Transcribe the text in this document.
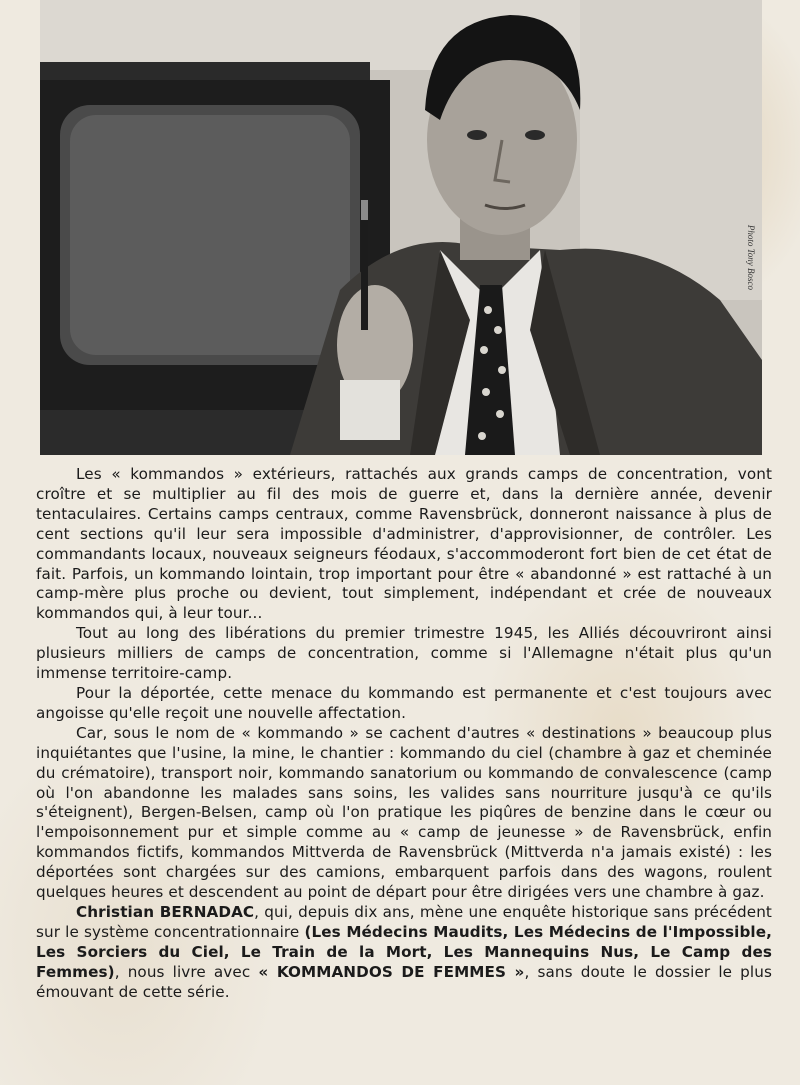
Photo Tony Bosco

Les « kommandos » extérieurs, rattachés aux grands camps de concentration, vont croître et se multiplier au fil des mois de guerre et, dans la dernière année, devenir tentaculaires. Certains camps centraux, comme Ravensbrück, donneront naissance à plus de cent sections qu'il leur sera impossible d'administrer, d'approvisionner, de contrôler. Les commandants locaux, nouveaux seigneurs féodaux, s'accommoderont fort bien de cet état de fait. Parfois, un kommando lointain, trop important pour être « abandonné » est rattaché à un camp-mère plus proche ou devient, tout simplement, indépendant et crée de nouveaux kommandos qui, à leur tour...

Tout au long des libérations du premier trimestre 1945, les Alliés découvriront ainsi plusieurs milliers de camps de concentration, comme si l'Allemagne n'était plus qu'un immense territoire-camp.

Pour la déportée, cette menace du kommando est permanente et c'est toujours avec angoisse qu'elle reçoit une nouvelle affectation.

Car, sous le nom de « kommando » se cachent d'autres « destinations » beaucoup plus inquiétantes que l'usine, la mine, le chantier : kommando du ciel (chambre à gaz et cheminée du crématoire), transport noir, kommando sanatorium ou kommando de convalescence (camp où l'on abandonne les malades sans soins, les valides sans nourriture jusqu'à ce qu'ils s'éteignent), Bergen-Belsen, camp où l'on pratique les piqûres de benzine dans le cœur ou l'empoisonnement pur et simple comme au « camp de jeunesse » de Ravensbrück, enfin kommandos fictifs, kommandos Mittverda de Ravensbrück (Mittverda n'a jamais existé) : les déportées sont chargées sur des camions, embarquent parfois dans des wagons, roulent quelques heures et descendent au point de départ pour être dirigées vers une chambre à gaz.

Christian BERNADAC, qui, depuis dix ans, mène une enquête historique sans précédent sur le système concentrationnaire (Les Médecins Maudits, Les Médecins de l'Impossible, Les Sorciers du Ciel, Le Train de la Mort, Les Mannequins Nus, Le Camp des Femmes), nous livre avec « KOMMANDOS DE FEMMES », sans doute le dossier le plus émouvant de cette série.
